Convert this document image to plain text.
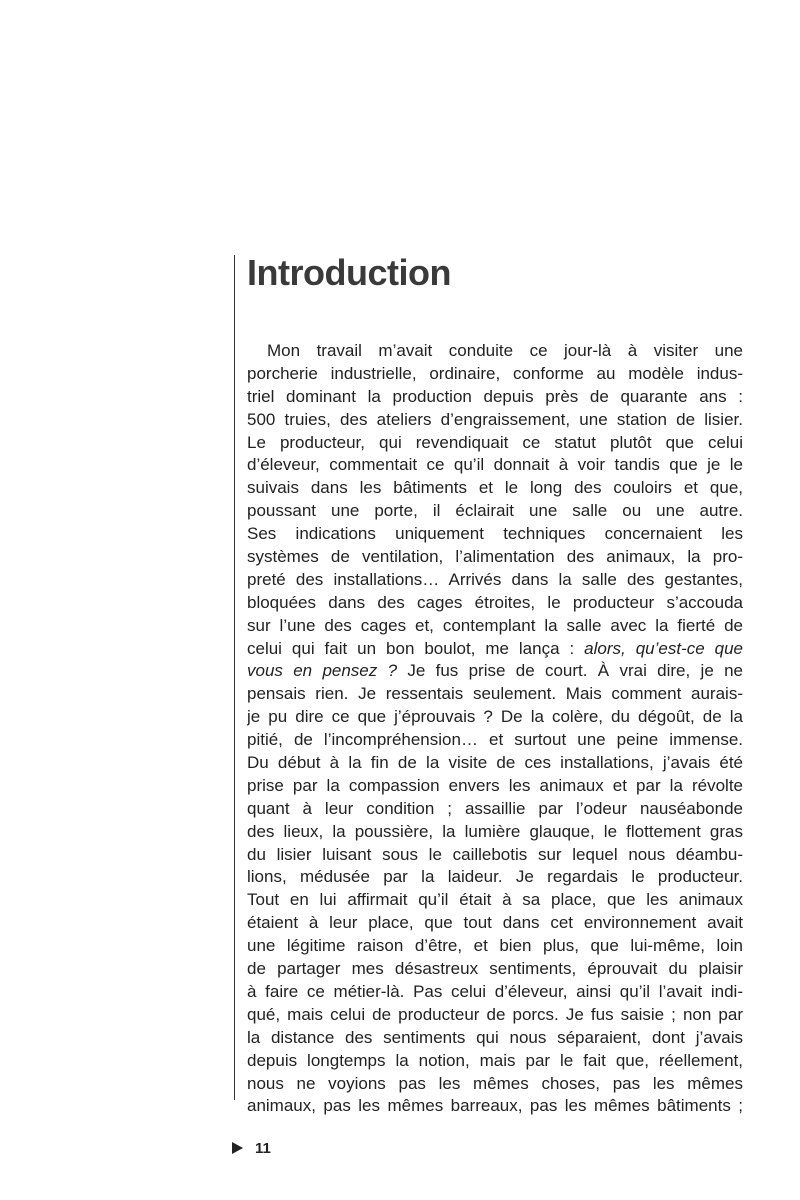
Introduction
Mon travail m’avait conduite ce jour-là à visiter une
porcherie industrielle, ordinaire, conforme au modèle indus-
triel dominant la production depuis près de quarante ans :
500 truies, des ateliers d’engraissement, une station de lisier.
Le producteur, qui revendiquait ce statut plutôt que celui
d’éleveur, commentait ce qu’il donnait à voir tandis que je le
suivais dans les bâtiments et le long des couloirs et que,
poussant une porte, il éclairait une salle ou une autre.
Ses indications uniquement techniques concernaient les
systèmes de ventilation, l’alimentation des animaux, la pro-
preté des installations… Arrivés dans la salle des gestantes,
bloquées dans des cages étroites, le producteur s’accouda
sur l’une des cages et, contemplant la salle avec la fierté de
celui qui fait un bon boulot, me lança : alors, qu’est-ce que
vous en pensez ? Je fus prise de court. À vrai dire, je ne
pensais rien. Je ressentais seulement. Mais comment aurais-
je pu dire ce que j’éprouvais ? De la colère, du dégoût, de la
pitié, de l’incompréhension… et surtout une peine immense.
Du début à la fin de la visite de ces installations, j’avais été
prise par la compassion envers les animaux et par la révolte
quant à leur condition ; assaillie par l’odeur nauséabonde
des lieux, la poussière, la lumière glauque, le flottement gras
du lisier luisant sous le caillebotis sur lequel nous déambu-
lions, médusée par la laideur. Je regardais le producteur.
Tout en lui affirmait qu’il était à sa place, que les animaux
étaient à leur place, que tout dans cet environnement avait
une légitime raison d’être, et bien plus, que lui-même, loin
de partager mes désastreux sentiments, éprouvait du plaisir
à faire ce métier-là. Pas celui d’éleveur, ainsi qu’il l’avait indi-
qué, mais celui de producteur de porcs. Je fus saisie ; non par
la distance des sentiments qui nous séparaient, dont j’avais
depuis longtemps la notion, mais par le fait que, réellement,
nous ne voyions pas les mêmes choses, pas les mêmes
animaux, pas les mêmes barreaux, pas les mêmes bâtiments ;
11
